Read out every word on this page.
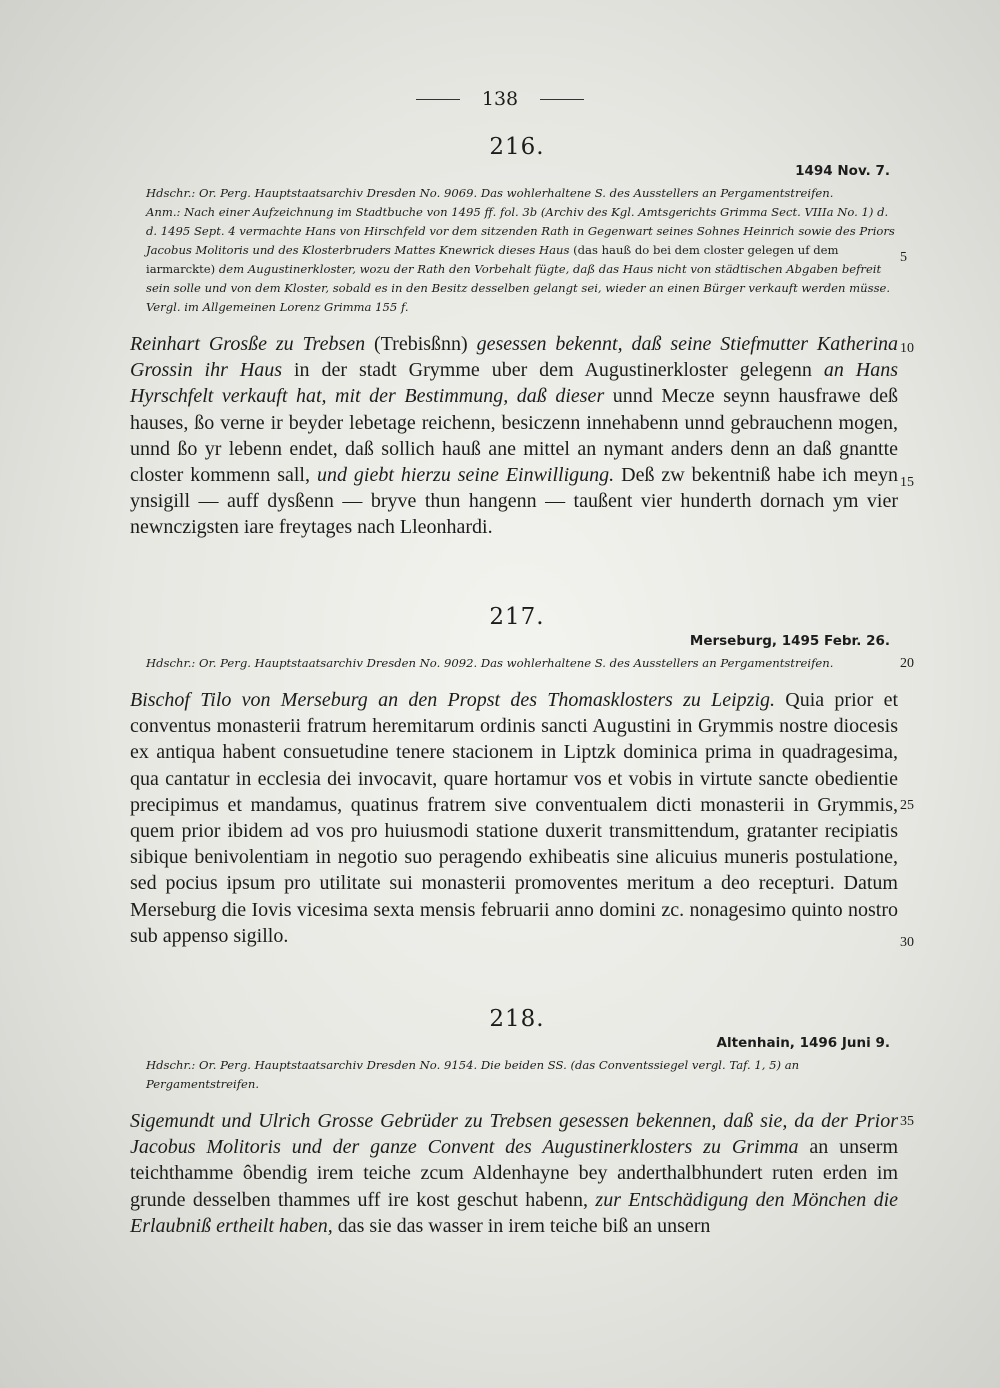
138
216.
1494 Nov. 7.
Hdschr.: Or. Perg. Hauptstaatsarchiv Dresden No. 9069. Das wohlerhaltene S. des Ausstellers an Pergamentstreifen.
Anm.: Nach einer Aufzeichnung im Stadtbuche von 1495 ff. fol. 3b (Archiv des Kgl. Amtsgerichts Grimma Sect. VIIIa No. 1) d. d. 1495 Sept. 4 vermachte Hans von Hirschfeld vor dem sitzenden Rath in Gegenwart seines Sohnes Heinrich sowie des Priors Jacobus Molitoris und des Klosterbruders Mattes Knewrick dieses Haus (das hauß do bei dem closter gelegen uf dem iarmarckte) dem Augustinerkloster, wozu der Rath den Vorbehalt fügte, daß das Haus nicht von städtischen Abgaben befreit sein solle und von dem Kloster, sobald es in den Besitz desselben gelangt sei, wieder an einen Bürger verkauft werden müsse. Vergl. im Allgemeinen Lorenz Grimma 155 f.
Reinhart Grosße zu Trebsen (Trebisßnn) gesessen bekennt, daß seine Stiefmutter Katherina Grossin ihr Haus in der stadt Grymme uber dem Augustinerkloster gelegenn an Hans Hyrschfelt verkauft hat, mit der Bestimmung, daß dieser unnd Mecze seynn hausfrawe deß hauses, ßo verne ir beyder lebetage reichenn, besiczenn innehabenn unnd gebrauchenn mogen, unnd ßo yr lebenn endet, daß sollich hauß ane mittel an nymant anders denn an daß gnantte closter kommenn sall, und giebt hierzu seine Einwilligung. Deß zw bekentniß habe ich meyn ynsigill — auff dysßenn — bryve thun hangenn — taußent vier hunderth dornach ym vier newnczigsten iare freytages nach Lleonhardi.
217.
Merseburg, 1495 Febr. 26.
Hdschr.: Or. Perg. Hauptstaatsarchiv Dresden No. 9092. Das wohlerhaltene S. des Ausstellers an Pergamentstreifen.
Bischof Tilo von Merseburg an den Propst des Thomasklosters zu Leipzig. Quia prior et conventus monasterii fratrum heremitarum ordinis sancti Augustini in Grymmis nostre diocesis ex antiqua habent consuetudine tenere stacionem in Liptzk dominica prima in quadragesima, qua cantatur in ecclesia dei invocavit, quare hortamur vos et vobis in virtute sancte obedientie precipimus et mandamus, quatinus fratrem sive conventualem dicti monasterii in Grymmis, quem prior ibidem ad vos pro huiusmodi statione duxerit transmittendum, gratanter recipiatis sibique benivolentiam in negotio suo peragendo exhibeatis sine alicuius muneris postulatione, sed pocius ipsum pro utilitate sui monasterii promoventes meritum a deo recepturi. Datum Merseburg die Iovis vicesima sexta mensis februarii anno domini zc. nonagesimo quinto nostro sub appenso sigillo.
218.
Altenhain, 1496 Juni 9.
Hdschr.: Or. Perg. Hauptstaatsarchiv Dresden No. 9154. Die beiden SS. (das Conventssiegel vergl. Taf. 1, 5) an Pergamentstreifen.
Sigemundt und Ulrich Grosse Gebrüder zu Trebsen gesessen bekennen, daß sie, da der Prior Jacobus Molitoris und der ganze Convent des Augustinerklosters zu Grimma an unserm teichthamme ôbendig irem teiche zcum Aldenhayne bey anderthalbhundert ruten erden im grunde desselben thammes uff ire kost geschut habenn, zur Entschädigung den Mönchen die Erlaubniß ertheilt haben, das sie das wasser in irem teiche biß an unsern
5
10
15
20
25
30
35
